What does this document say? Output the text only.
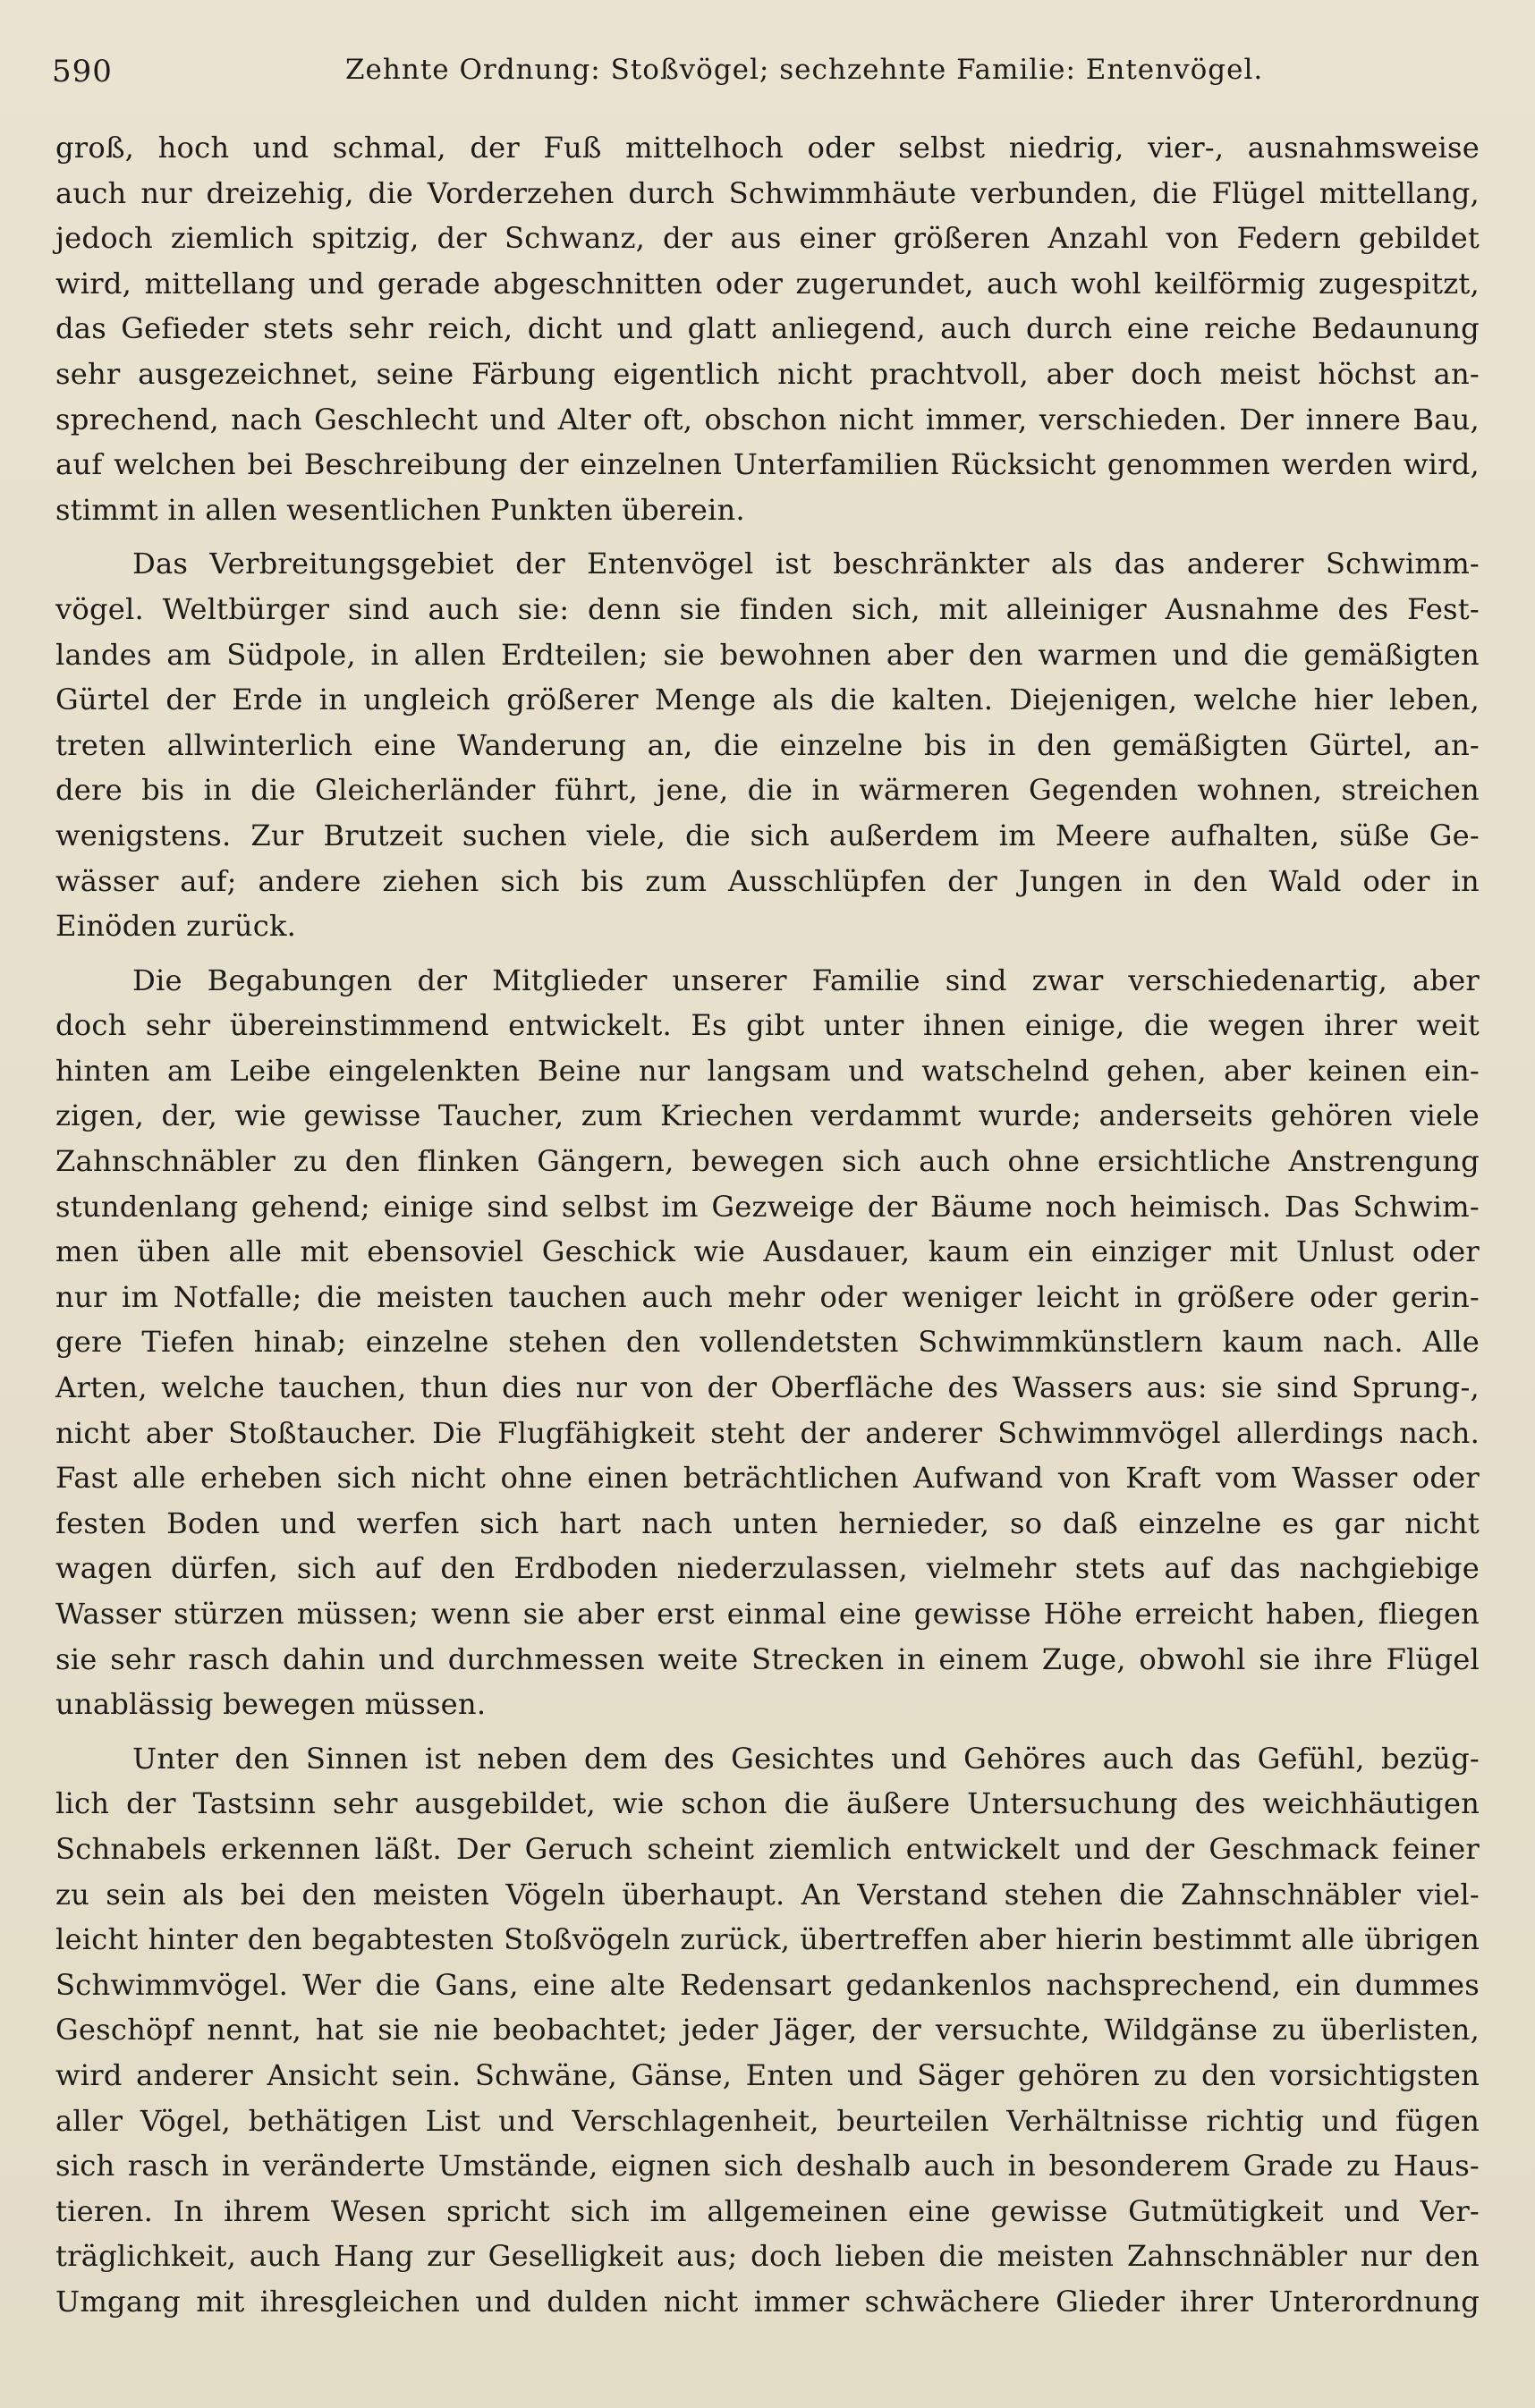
590	Zehnte Ordnung: Stoßvögel; sechzehnte Familie: Entenvögel.
groß, hoch und schmal, der Fuß mittelhoch oder selbst niedrig, vier-, ausnahmsweise
auch nur dreizehig, die Vorderzehen durch Schwimmhäute verbunden, die Flügel mittellang,
jedoch ziemlich spitzig, der Schwanz, der aus einer größeren Anzahl von Federn gebildet
wird, mittellang und gerade abgeschnitten oder zugerundet, auch wohl keilförmig zugespitzt,
das Gefieder stets sehr reich, dicht und glatt anliegend, auch durch eine reiche Bedaunung
sehr ausgezeichnet, seine Färbung eigentlich nicht prachtvoll, aber doch meist höchst an-
sprechend, nach Geschlecht und Alter oft, obschon nicht immer, verschieden. Der innere Bau,
auf welchen bei Beschreibung der einzelnen Unterfamilien Rücksicht genommen werden wird,
stimmt in allen wesentlichen Punkten überein.
Das Verbreitungsgebiet der Entenvögel ist beschränkter als das anderer Schwimm-
vögel. Weltbürger sind auch sie: denn sie finden sich, mit alleiniger Ausnahme des Fest-
landes am Südpole, in allen Erdteilen; sie bewohnen aber den warmen und die gemäßigten
Gürtel der Erde in ungleich größerer Menge als die kalten. Diejenigen, welche hier leben,
treten allwinterlich eine Wanderung an, die einzelne bis in den gemäßigten Gürtel, an-
dere bis in die Gleicherländer führt, jene, die in wärmeren Gegenden wohnen, streichen
wenigstens. Zur Brutzeit suchen viele, die sich außerdem im Meere aufhalten, süße Ge-
wässer auf; andere ziehen sich bis zum Ausschlüpfen der Jungen in den Wald oder in
Einöden zurück.
Die Begabungen der Mitglieder unserer Familie sind zwar verschiedenartig, aber
doch sehr übereinstimmend entwickelt. Es gibt unter ihnen einige, die wegen ihrer weit
hinten am Leibe eingelenkten Beine nur langsam und watschelnd gehen, aber keinen ein-
zigen, der, wie gewisse Taucher, zum Kriechen verdammt wurde; anderseits gehören viele
Zahnschnäbler zu den flinken Gängern, bewegen sich auch ohne ersichtliche Anstrengung
stundenlang gehend; einige sind selbst im Gezweige der Bäume noch heimisch. Das Schwim-
men üben alle mit ebensoviel Geschick wie Ausdauer, kaum ein einziger mit Unlust oder
nur im Notfalle; die meisten tauchen auch mehr oder weniger leicht in größere oder gerin-
gere Tiefen hinab; einzelne stehen den vollendetsten Schwimmkünstlern kaum nach. Alle
Arten, welche tauchen, thun dies nur von der Oberfläche des Wassers aus: sie sind Sprung-,
nicht aber Stoßtaucher. Die Flugfähigkeit steht der anderer Schwimmvögel allerdings nach.
Fast alle erheben sich nicht ohne einen beträchtlichen Aufwand von Kraft vom Wasser oder
festen Boden und werfen sich hart nach unten hernieder, so daß einzelne es gar nicht
wagen dürfen, sich auf den Erdboden niederzulassen, vielmehr stets auf das nachgiebige
Wasser stürzen müssen; wenn sie aber erst einmal eine gewisse Höhe erreicht haben, fliegen
sie sehr rasch dahin und durchmessen weite Strecken in einem Zuge, obwohl sie ihre Flügel
unablässig bewegen müssen.
Unter den Sinnen ist neben dem des Gesichtes und Gehöres auch das Gefühl, bezüg-
lich der Tastsinn sehr ausgebildet, wie schon die äußere Untersuchung des weichhäutigen
Schnabels erkennen läßt. Der Geruch scheint ziemlich entwickelt und der Geschmack feiner
zu sein als bei den meisten Vögeln überhaupt. An Verstand stehen die Zahnschnäbler viel-
leicht hinter den begabtesten Stoßvögeln zurück, übertreffen aber hierin bestimmt alle übrigen
Schwimmvögel. Wer die Gans, eine alte Redensart gedankenlos nachsprechend, ein dummes
Geschöpf nennt, hat sie nie beobachtet; jeder Jäger, der versuchte, Wildgänse zu überlisten,
wird anderer Ansicht sein. Schwäne, Gänse, Enten und Säger gehören zu den vorsichtigsten
aller Vögel, bethätigen List und Verschlagenheit, beurteilen Verhältnisse richtig und fügen
sich rasch in veränderte Umstände, eignen sich deshalb auch in besonderem Grade zu Haus-
tieren. In ihrem Wesen spricht sich im allgemeinen eine gewisse Gutmütigkeit und Ver-
träglichkeit, auch Hang zur Geselligkeit aus; doch lieben die meisten Zahnschnäbler nur den
Umgang mit ihresgleichen und dulden nicht immer schwächere Glieder ihrer Unterordnung
